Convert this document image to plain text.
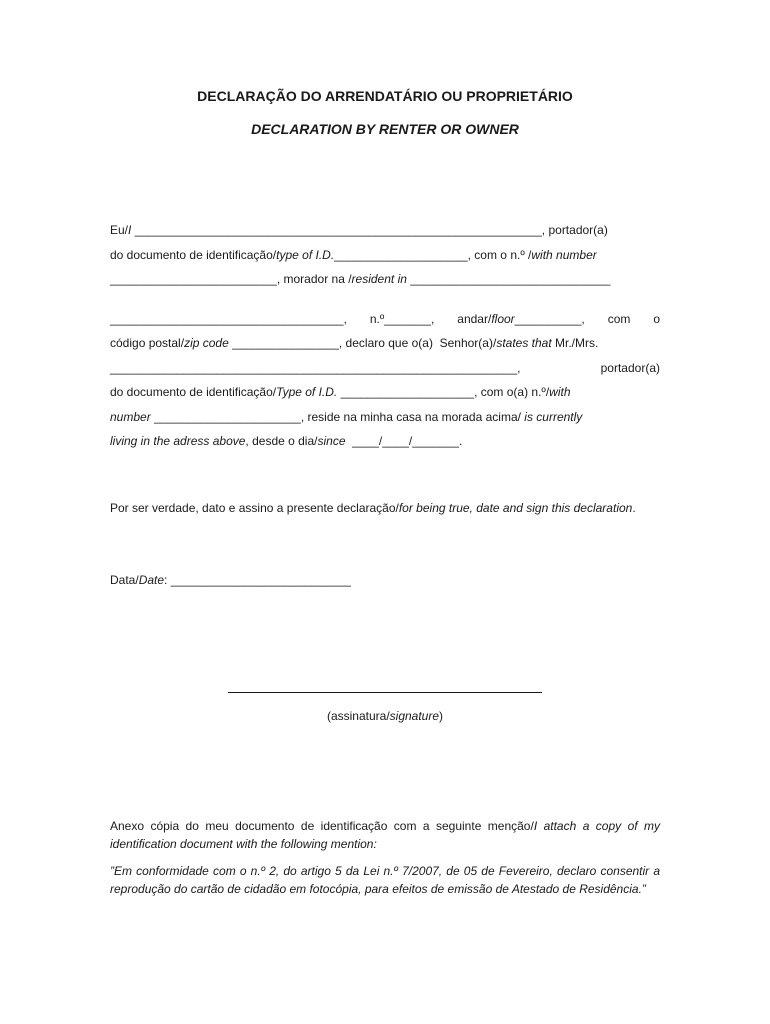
DECLARAÇÃO DO ARRENDATÁRIO OU PROPRIETÁRIO
DECLARATION BY RENTER OR OWNER
Eu/ I _____________________________________________________________, portador(a)
do documento de identificação/ type of I.D. ____________________, com o n.º / with number
_________________________, morador na / resident in ______________________________
___________________________________, n.º_______, andar/floor__________, com o
código postal/ zip code ________________, declaro que o(a)  Senhor(a)/ states that Mr./Mrs.
_____________________________________________________________,	portador(a)
do documento de identificação/ Type of I.D. ____________________, com o(a) n.º/ with
number ______________________, reside na minha casa na morada acima/ is currently
living in the adress above , desde o dia/ since ____/____/_______.
Por ser verdade, dato e assino a presente declaração/for being true, date and sign this declaration.
Data/ Date : ___________________________
(assinatura/signature)
Anexo cópia do meu documento de identificação com a seguinte menção/I attach a copy of my identification document with the following mention:
”Em conformidade com o n.º 2, do artigo 5 da Lei n.º 7/2007, de 05 de Fevereiro, declaro consentir a reprodução do cartão de cidadão em fotocópia, para efeitos de emissão de Atestado de Residência.”
